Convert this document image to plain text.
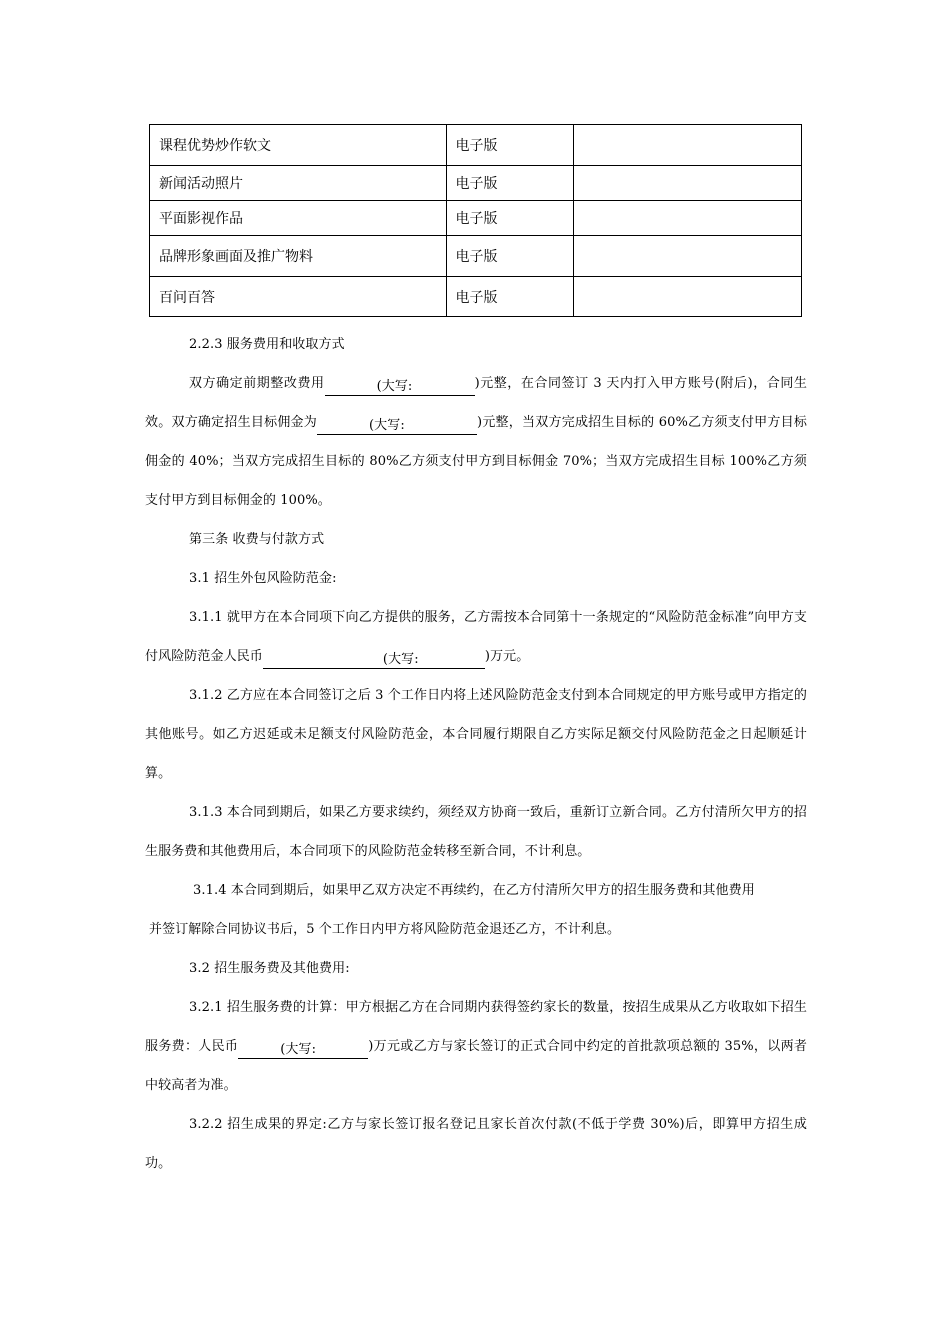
课程优势炒作软文	电子版	
新闻活动照片	电子版	
平面影视作品	电子版	
品牌形象画面及推广物料	电子版	
百问百答	电子版	

2.2.3 服务费用和收取方式

双方确定前期整改费用	(大写:	)元整，在合同签订 3 天内打入甲方账号(附后)，合同生效。双方确定招生目标佣金为	(大写:	)元整，当双方完成招生目标的 60%乙方须支付甲方目标佣金的 40%；当双方完成招生目标的 80%乙方须支付甲方到目标佣金 70%；当双方完成招生目标 100%乙方须支付甲方到目标佣金的 100%。

第三条 收费与付款方式

3.1 招生外包风险防范金:

3.1.1 就甲方在本合同项下向乙方提供的服务，乙方需按本合同第十一条规定的“风险防范金标准”向甲方支付风险防范金人民币	(大写:	)万元。

3.1.2 乙方应在本合同签订之后 3 个工作日内将上述风险防范金支付到本合同规定的甲方账号或甲方指定的其他账号。如乙方迟延或未足额支付风险防范金，本合同履行期限自乙方实际足额交付风险防范金之日起顺延计算。

3.1.3 本合同到期后，如果乙方要求续约，须经双方协商一致后，重新订立新合同。乙方付清所欠甲方的招生服务费和其他费用后，本合同项下的风险防范金转移至新合同，不计利息。

3.1.4 本合同到期后，如果甲乙双方决定不再续约，在乙方付清所欠甲方的招生服务费和其他费用

并签订解除合同协议书后，5 个工作日内甲方将风险防范金退还乙方，不计利息。

3.2 招生服务费及其他费用:

3.2.1 招生服务费的计算：甲方根据乙方在合同期内获得签约家长的数量，按招生成果从乙方收取如下招生服务费：人民币	(大写:	)万元或乙方与家长签订的正式合同中约定的首批款项总额的 35%，以两者中较高者为准。

3.2.2 招生成果的界定:乙方与家长签订报名登记且家长首次付款(不低于学费 30%)后，即算甲方招生成功。
